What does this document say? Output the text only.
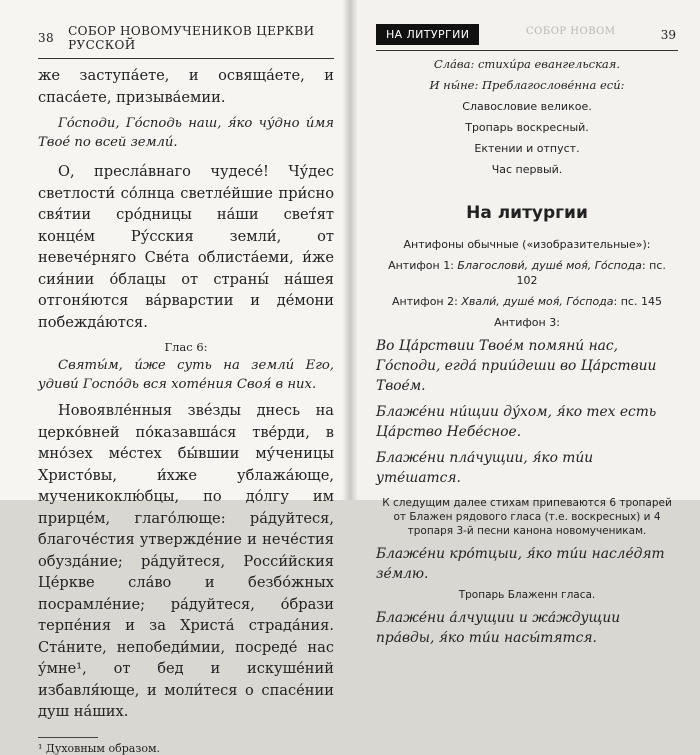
38 СОБОР НОВОМУЧЕНИКОВ ЦЕРКВИ РУССКОЙ

же заступа́ете, и освяща́ете, и спаса́ете, призыва́емии.

Го́споди, Го́сподь наш, я́ко чу́дно и́мя Твое́ по всей земли́.

О, преслáвнаго чудесе́! Чу́дес светлости́ со́лнца светле́йшие при́сно свя́тии сро́дницы на́ши свет́ят конце́м Ру́сския земли́, от невече́рняго Све́та облиста́еми, и́же сия́нии о́блацы от страны́ на́шея отгоня́ются ва́рварстии и де́мони побежда́ются.

Глас 6:

Святы́м, и́же суть на земли́ Его, удиви́ Госпо́дь вся хоте́ния Своя́ в них.

Новоявле́нныя звéзды днесь на церко́вней по́казавша́ся тве́рди, в мно́зех ме́стех бы́вшии му́ченицы Христо́вы, и́хже ублажа́юще, мученикоклю́бцы, по до́лгу им прирце́м, глаго́люще: ра́дуйтеся, благоче́стия утвержде́ние и нече́стия обузда́ние; ра́дуйтеся, Росси́йския Це́ркве сла́во и безбо́жных посрамле́ние; ра́дуйтеся, о́брази терпе́ния и за Христа́ страда́ния. Ста́ните, непобеди́мии, посреде́ нас у́мне¹, от бед и искуше́ний избавля́юще, и моли́теся о спасе́нии душ на́ших.

¹ Духовным образом.
НА ЛИТУРГИИ	СОБОР НОВОМ	39

Сла́ва: стихи́ра евангельская.

И ны́не: Преблагослове́нна еси́:

Славословие великое.

Тропарь воскресный.

Ектении и отпуст.

Час первый.

На литургии

Антифоны обычные («изобразительные»):

Антифон 1: Благослови́, душе́ моя́, Го́спода: пс. 102

Антифон 2: Хвали́, душе́ моя́, Го́спода: пс. 145

Антифон 3:

Во Ца́рствии Твое́м помяни́ нас, Го́споди, егда́ прии́деши во Ца́рствии Твое́м.

Блаже́ни ни́щии ду́хом, я́ко тех есть Ца́рство Небе́сное.

Блаже́ни пла́чущии, я́ко ти́и уте́шатся.

К следущим далее стихам припеваются 6 тропарей от Блажен рядового гласа (т.е. воскресных) и 4 тропаря 3-й песни канона новомученикам.

Блаже́ни кро́тцыи, я́ко ти́и насле́дят зе́млю.

Тропарь Блаженн гласа.

Блаже́ни а́лчущии и жа́ждущии пра́вды, я́ко ти́и насы́тятся.
